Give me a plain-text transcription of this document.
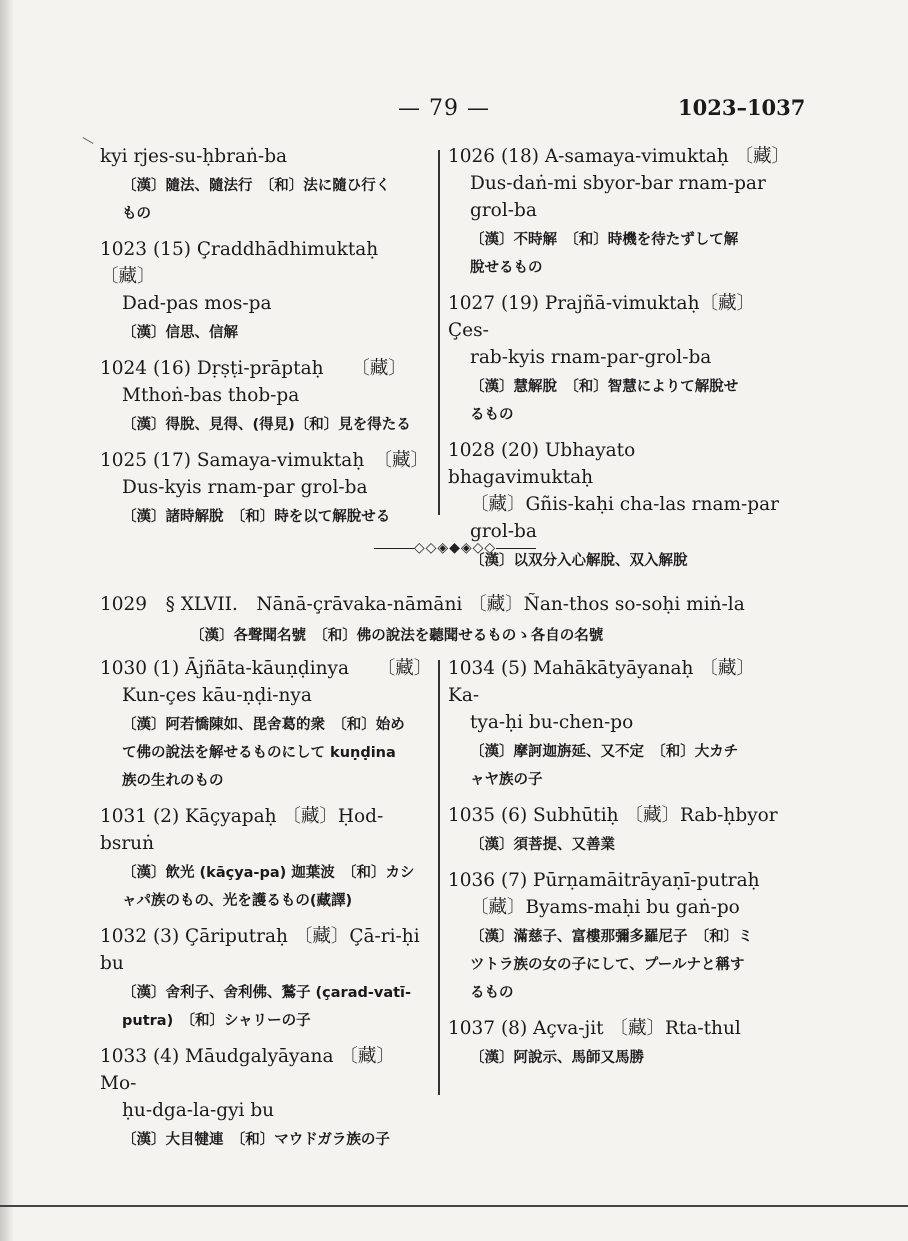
— 79 —	1023–1037
kyi rjes-su-ḥbraṅ-ba
〔漢〕隨法、隨法行　〔和〕法に隨ひ行く
もの
1023 (15) Çraddhādhimuktaḥ　〔藏〕
Dad-pas mos-pa
〔漢〕信思、信解
1024 (16) Dṛṣṭi-prāptaḥ　　〔藏〕
Mthoṅ-bas thob-pa
〔漢〕得脫、見得、(得見)〔和〕見を得たる
1025 (17) Samaya-vimuktaḥ　〔藏〕
Dus-kyis rnam-par grol-ba
〔漢〕諸時解脫　〔和〕時を以て解脫せる
1026 (18) A-samaya-vimuktaḥ 〔藏〕
Dus-daṅ-mi sbyor-bar rnam-par
grol-ba
〔漢〕不時解　〔和〕時機を待たずして解
脫せるもの
1027 (19) Prajñā-vimuktaḥ〔藏〕Çes-
rab-kyis rnam-par-grol-ba
〔漢〕慧解脫　〔和〕智慧によりて解脫せ
るもの
1028 (20) Ubhayato bhagavimuktaḥ
〔藏〕Gñis-kaḥi cha-las rnam-par
grol-ba
〔漢〕以双分入心解脫、双入解脫
◇◇◈◆◈◇◇
1029　§ XLVII.　Nānā-çrāvaka-nāmāni 〔藏〕Ñan-thos so-soḥi miṅ-la
〔漢〕各聲聞名號　〔和〕佛の說法を聽聞せるものゝ各自の名號
1030 (1) Ājñāta-kāuṇḍinya　　〔藏〕
Kun-çes kāu-ṇḍi-nya
〔漢〕阿若憍陳如、毘舍葛的衆　〔和〕始め
て佛の說法を解せるものにして kuṇḍina
族の生れのもの
1031 (2) Kāçyapaḥ 〔藏〕Ḥod-bsruṅ
〔漢〕飲光 (kāçya-pa) 迦葉波　〔和〕カシ
ャパ族のもの、光を護るもの(藏譯)
1032 (3) Çāriputraḥ 〔藏〕Çā-ri-ḥi bu
〔漢〕舍利子、舍利佛、鶖子 (çarad-vatī-
putra)　〔和〕シャリーの子
1033 (4) Māudgalyāyana 〔藏〕Mo-
ḥu-dga-la-gyi bu
〔漢〕大目犍連　〔和〕マウドガラ族の子
1034 (5) Mahākātyāyanaḥ 〔藏〕Ka-
tya-ḥi bu-chen-po
〔漢〕摩訶迦旃延、又不定　〔和〕大カチ
ャヤ族の子
1035 (6) Subhūtiḥ 〔藏〕Rab-ḥbyor
〔漢〕須菩提、又善業
1036 (7) Pūrṇamāitrāyaṇī-putraḥ
〔藏〕Byams-maḥi bu gaṅ-po
〔漢〕滿慈子、富樓那彌多羅尼子　〔和〕ミ
ツトラ族の女の子にして、プールナと稱す
るもの
1037 (8) Açva-jit 〔藏〕Rta-thul
〔漢〕阿說示、馬師又馬勝
